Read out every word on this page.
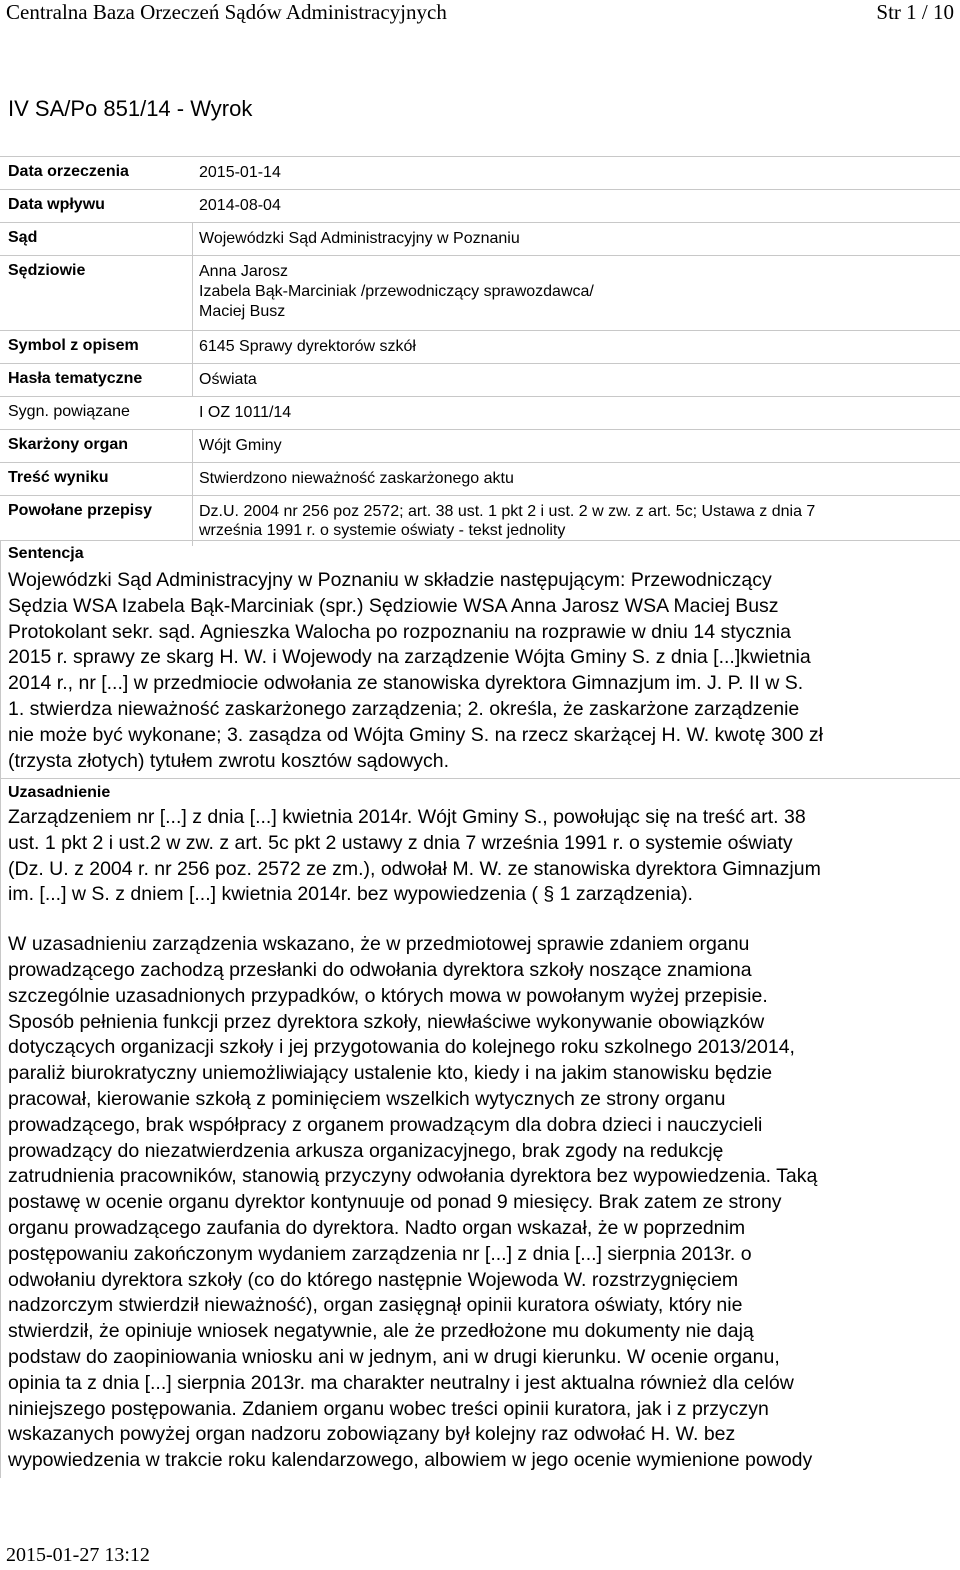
Centralna Baza Orzeczeń Sądów Administracyjnych	Str 1 / 10
IV SA/Po 851/14 - Wyrok
Data orzeczenia	2015-01-14
Data wpływu	2014-08-04
Sąd	Wojewódzki Sąd Administracyjny w Poznaniu
Sędziowie	Anna Jarosz
Izabela Bąk-Marciniak /przewodniczący sprawozdawca/
Maciej Busz
Symbol z opisem	6145 Sprawy dyrektorów szkół
Hasła tematyczne	Oświata
Sygn. powiązane	I OZ 1011/14
Skarżony organ	Wójt Gminy
Treść wyniku	Stwierdzono nieważność zaskarżonego aktu
Powołane przepisy	Dz.U. 2004 nr 256 poz 2572; art. 38 ust. 1 pkt 2 i ust. 2 w zw. z art. 5c; Ustawa z dnia 7
września 1991 r. o systemie oświaty - tekst jednolity

Sentencja

Wojewódzki Sąd Administracyjny w Poznaniu w składzie następującym: Przewodniczący
Sędzia WSA Izabela Bąk-Marciniak (spr.) Sędziowie WSA Anna Jarosz WSA Maciej Busz
Protokolant sekr. sąd. Agnieszka Walocha po rozpoznaniu na rozprawie w dniu 14 stycznia
2015 r. sprawy ze skarg H. W. i Wojewody na zarządzenie Wójta Gminy S. z dnia [...]kwietnia
2014 r., nr [...] w przedmiocie odwołania ze stanowiska dyrektora Gimnazjum im. J. P. II w S.
1. stwierdza nieważność zaskarżonego zarządzenia; 2. określa, że zaskarżone zarządzenie
nie może być wykonane; 3. zasądza od Wójta Gminy S. na rzecz skarżącej H. W. kwotę 300 zł
(trzysta złotych) tytułem zwrotu kosztów sądowych.

Uzasadnienie

Zarządzeniem nr [...] z dnia [...] kwietnia 2014r. Wójt Gminy S., powołując się na treść art. 38
ust. 1 pkt 2 i ust.2 w zw. z art. 5c pkt 2 ustawy z dnia 7 września 1991 r. o systemie oświaty
(Dz. U. z 2004 r. nr 256 poz. 2572 ze zm.), odwołał M. W. ze stanowiska dyrektora Gimnazjum
im. [...] w S. z dniem [...] kwietnia 2014r. bez wypowiedzenia ( § 1 zarządzenia).
W uzasadnieniu zarządzenia wskazano, że w przedmiotowej sprawie zdaniem organu
prowadzącego zachodzą przesłanki do odwołania dyrektora szkoły noszące znamiona
szczególnie uzasadnionych przypadków, o których mowa w powołanym wyżej przepisie.
Sposób pełnienia funkcji przez dyrektora szkoły, niewłaściwe wykonywanie obowiązków
dotyczących organizacji szkoły i jej przygotowania do kolejnego roku szkolnego 2013/2014,
paraliż biurokratyczny uniemożliwiający ustalenie kto, kiedy i na jakim stanowisku będzie
pracował, kierowanie szkołą z pominięciem wszelkich wytycznych ze strony organu
prowadzącego, brak współpracy z organem prowadzącym dla dobra dzieci i nauczycieli
prowadzący do niezatwierdzenia arkusza organizacyjnego, brak zgody na redukcję
zatrudnienia pracowników, stanowią przyczyny odwołania dyrektora bez wypowiedzenia. Taką
postawę w ocenie organu dyrektor kontynuuje od ponad 9 miesięcy. Brak zatem ze strony
organu prowadzącego zaufania do dyrektora. Nadto organ wskazał, że w poprzednim
postępowaniu zakończonym wydaniem zarządzenia nr [...] z dnia [...] sierpnia 2013r. o
odwołaniu dyrektora szkoły (co do którego następnie Wojewoda W. rozstrzygnięciem
nadzorczym stwierdził nieważność), organ zasięgnął opinii kuratora oświaty, który nie
stwierdził, że opiniuje wniosek negatywnie, ale że przedłożone mu dokumenty nie dają
podstaw do zaopiniowania wniosku ani w jednym, ani w drugi kierunku. W ocenie organu,
opinia ta z dnia [...] sierpnia 2013r. ma charakter neutralny i jest aktualna również dla celów
niniejszego postępowania. Zdaniem organu wobec treści opinii kuratora, jak i z przyczyn
wskazanych powyżej organ nadzoru zobowiązany był kolejny raz odwołać H. W. bez
wypowiedzenia w trakcie roku kalendarzowego, albowiem w jego ocenie wymienione powody
2015-01-27 13:12
